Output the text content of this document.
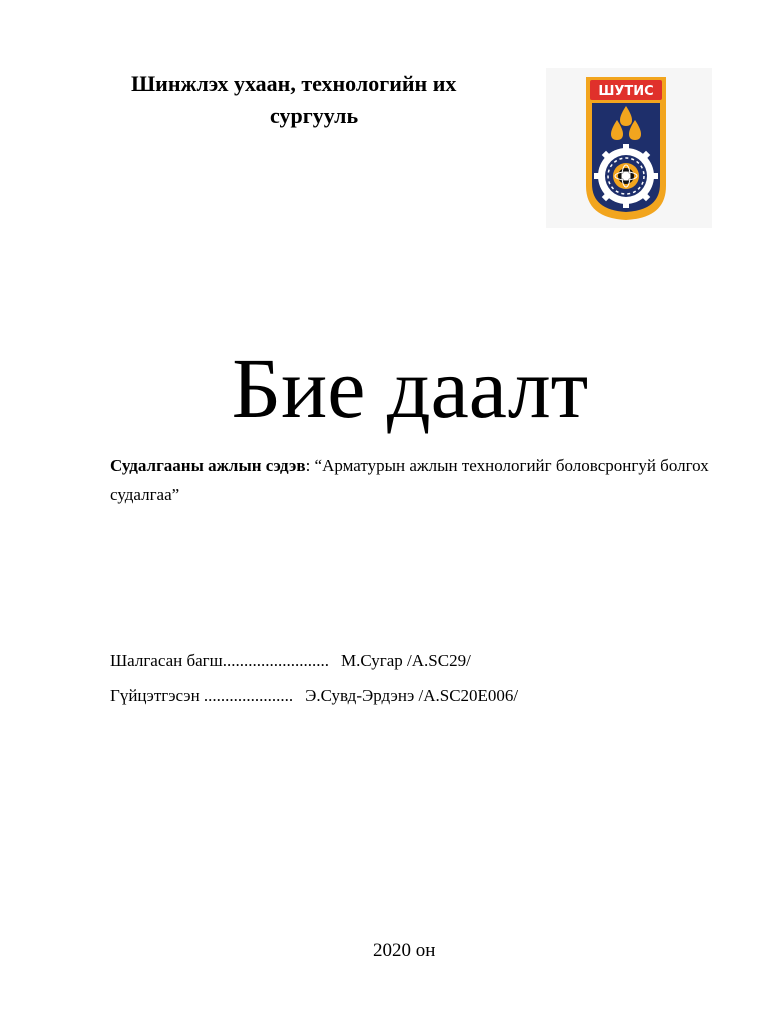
Шинжлэх ухаан, технологийн их
сургууль
ШУТИС
Бие даалт
Судалгааны ажлын сэдэв: “Арматурын ажлын технологийг боловсронгуй болгох судалгаа”
Шалгасан багш......................... М.Сугар /A.SC29/
Гүйцэтгэсэн ..................... Э.Сувд-Эрдэнэ /A.SC20E006/
2020 он
